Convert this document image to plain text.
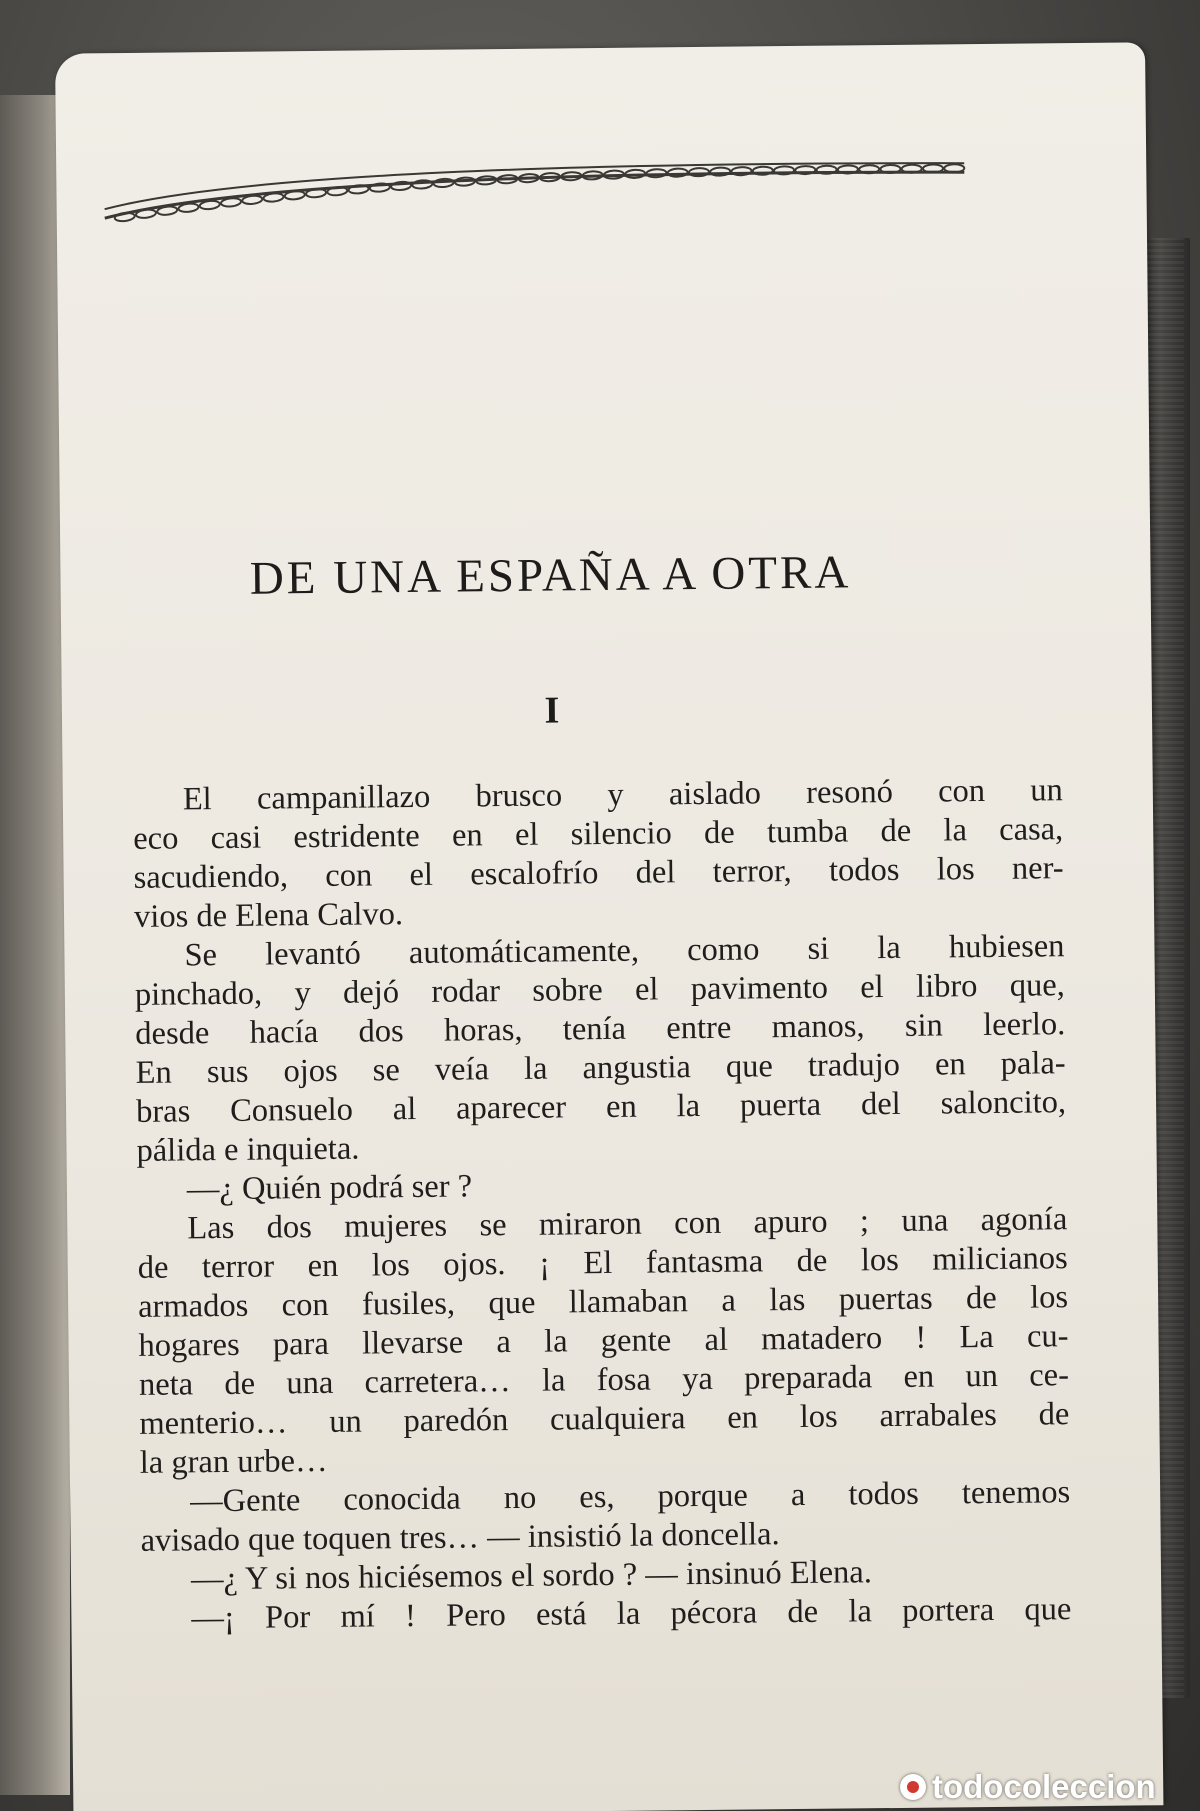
DE UNA ESPAÑA A OTRA
I
El campanillazo brusco y aislado resonó con un
eco casi estridente en el silencio de tumba de la casa,
sacudiendo, con el escalofrío del terror, todos los ner-
vios de Elena Calvo.
Se levantó automáticamente, como si la hubiesen
pinchado, y dejó rodar sobre el pavimento el libro que,
desde hacía dos horas, tenía entre manos, sin leerlo.
En sus ojos se veía la angustia que tradujo en pala-
bras Consuelo al aparecer en la puerta del saloncito,
pálida e inquieta.
—¿ Quién podrá ser ?
Las dos mujeres se miraron con apuro ; una agonía
de terror en los ojos. ¡ El fantasma de los milicianos
armados con fusiles, que llamaban a las puertas de los
hogares para llevarse a la gente al matadero ! La cu-
neta de una carretera… la fosa ya preparada en un ce-
menterio… un paredón cualquiera en los arrabales de
la gran urbe…
—Gente conocida no es, porque a todos tenemos
avisado que toquen tres… — insistió la doncella.
—¿ Y si nos hiciésemos el sordo ? — insinuó Elena.
—¡ Por mí ! Pero está la pécora de la portera que
todocoleccion
